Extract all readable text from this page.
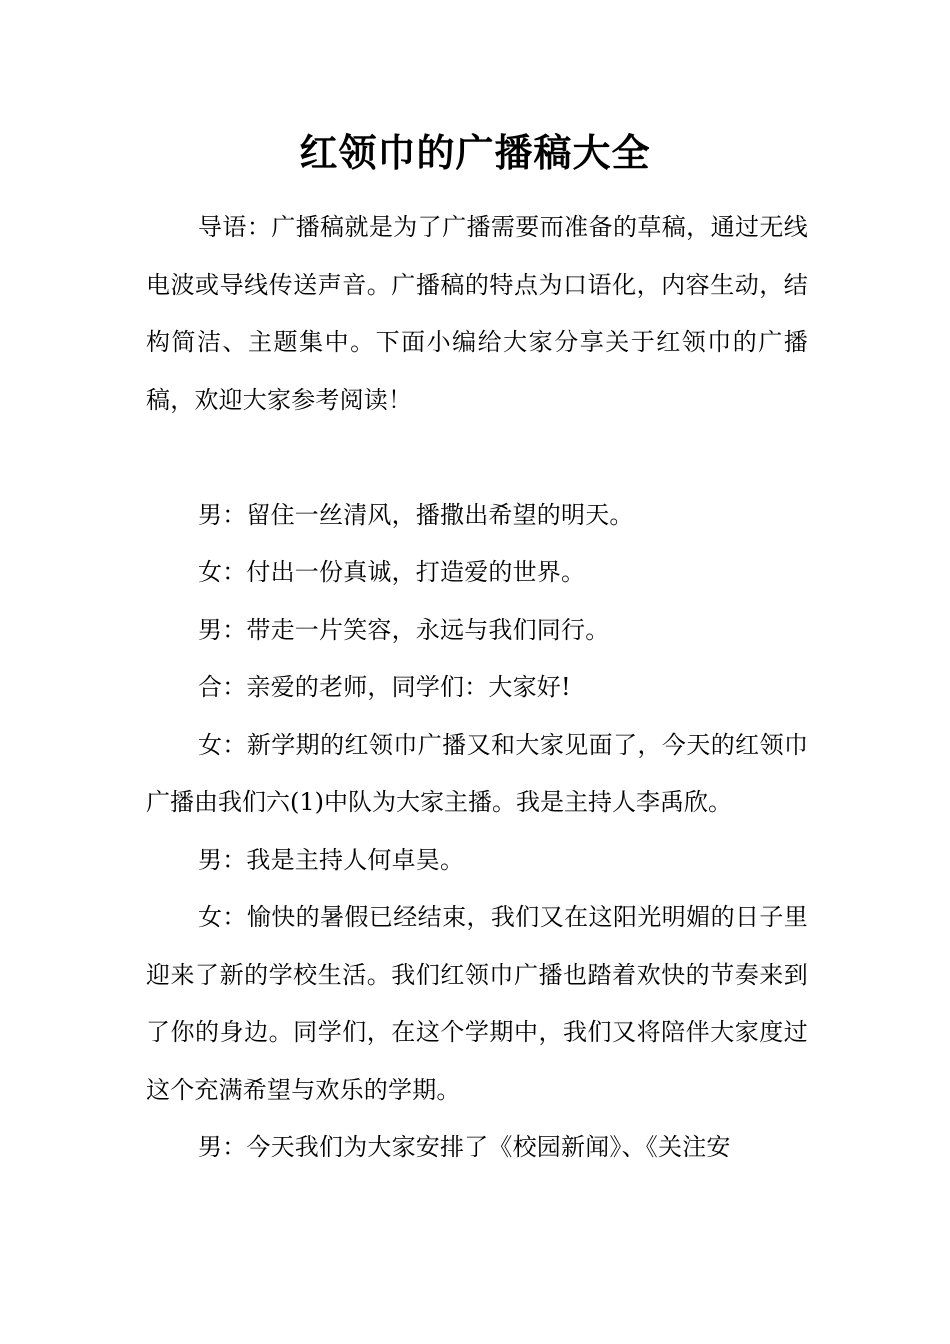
红领巾的广播稿大全

导语：广播稿就是为了广播需要而准备的草稿，通过无线电波或导线传送声音。广播稿的特点为口语化，内容生动，结构简洁、主题集中。下面小编给大家分享关于红领巾的广播稿，欢迎大家参考阅读！

男：留住一丝清风，播撒出希望的明天。

女：付出一份真诚，打造爱的世界。

男：带走一片笑容，永远与我们同行。

合：亲爱的老师，同学们：大家好!

女：新学期的红领巾广播又和大家见面了，今天的红领巾广播由我们六(1)中队为大家主播。我是主持人李禹欣。

男：我是主持人何卓昊。

女：愉快的暑假已经结束，我们又在这阳光明媚的日子里迎来了新的学校生活。我们红领巾广播也踏着欢快的节奏来到了你的身边。同学们，在这个学期中，我们又将陪伴大家度过这个充满希望与欢乐的学期。

男：今天我们为大家安排了《校园新闻》、《关注安
